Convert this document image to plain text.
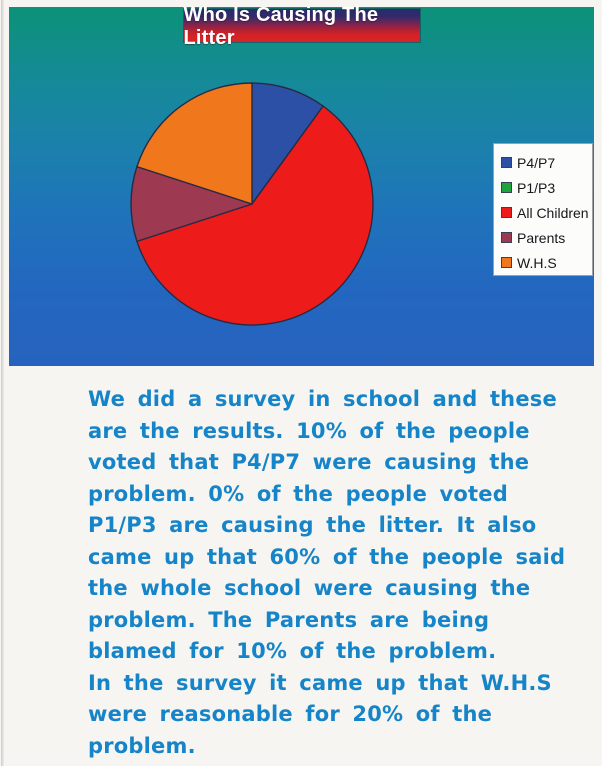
Who Is Causing The Litter
P4/P7
P1/P3
All Children
Parents
W.H.S
We did a survey in school and these
are the results. 10% of the people
voted that P4/P7 were causing the
problem. 0% of the people voted
P1/P3 are causing the litter. It also
came up that 60% of the people said
the whole school were causing the
problem. The Parents are being
blamed for 10% of the problem.
In the survey it came up that W.H.S
were reasonable for 20% of the
problem.
